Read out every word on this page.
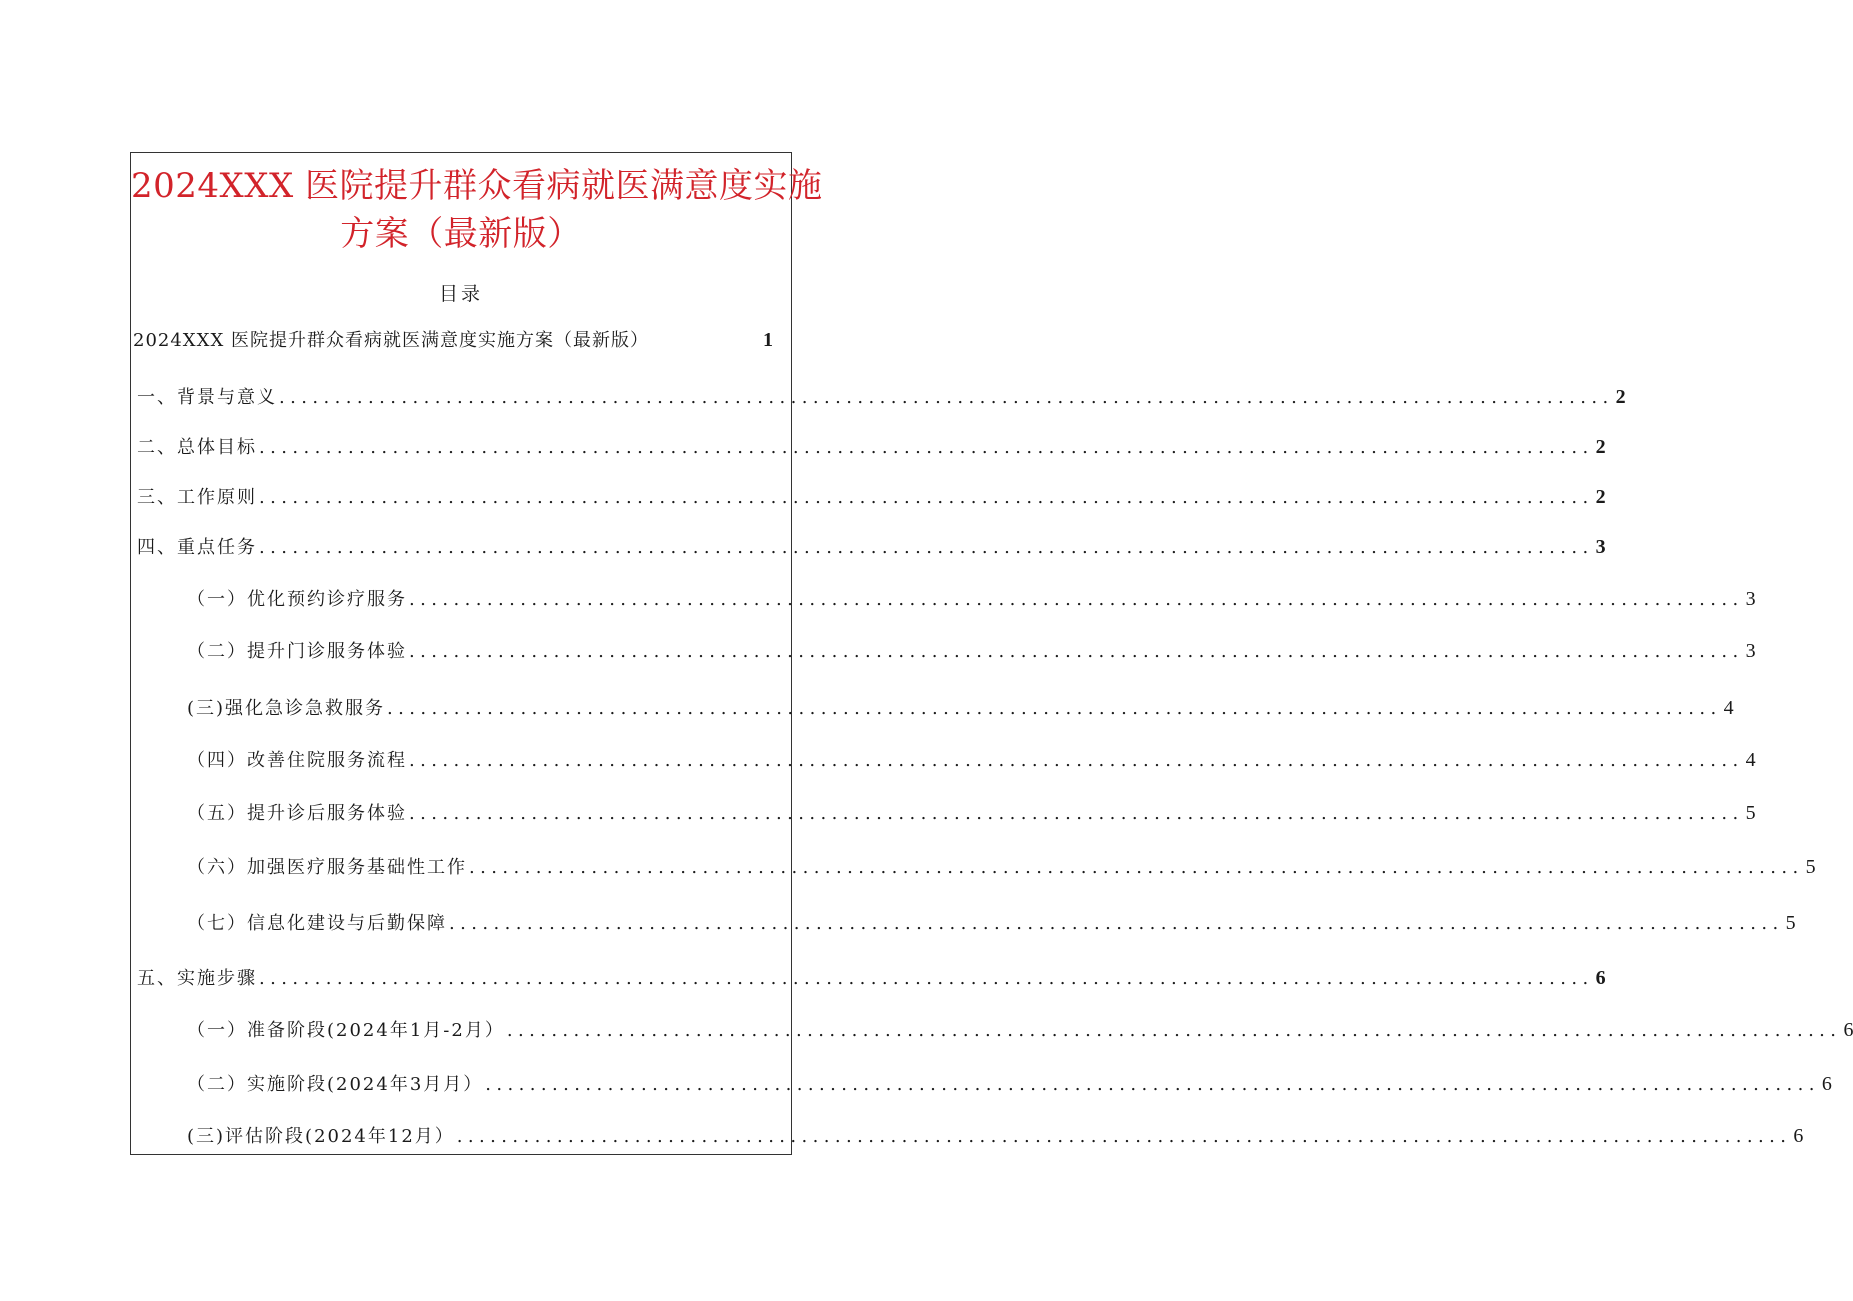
2024XXX 医院提升群众看病就医满意度实施
方案（最新版）
目录
2024XXX 医院提升群众看病就医满意度实施方案（最新版）	1
一、背景与意义 ........................................................................................................................ 2
二、总体目标 ........................................................................................................................ 2
三、工作原则 ........................................................................................................................ 2
四、重点任务 ........................................................................................................................ 3
（一）优化预约诊疗服务 ........................................................................................................................ 3
（二）提升门诊服务体验 ........................................................................................................................ 3
(三)强化急诊急救服务 ........................................................................................................................ 4
（四）改善住院服务流程 ........................................................................................................................ 4
（五）提升诊后服务体验 ........................................................................................................................ 5
（六）加强医疗服务基础性工作 ........................................................................................................................ 5
（七）信息化建设与后勤保障 ........................................................................................................................ 5
五、实施步骤 ........................................................................................................................ 6
（一）准备阶段(2024年1月-2月） ........................................................................................................................ 6
（二）实施阶段(2024年3月月） ........................................................................................................................ 6
(三)评估阶段(2024年12月） ........................................................................................................................ 6
